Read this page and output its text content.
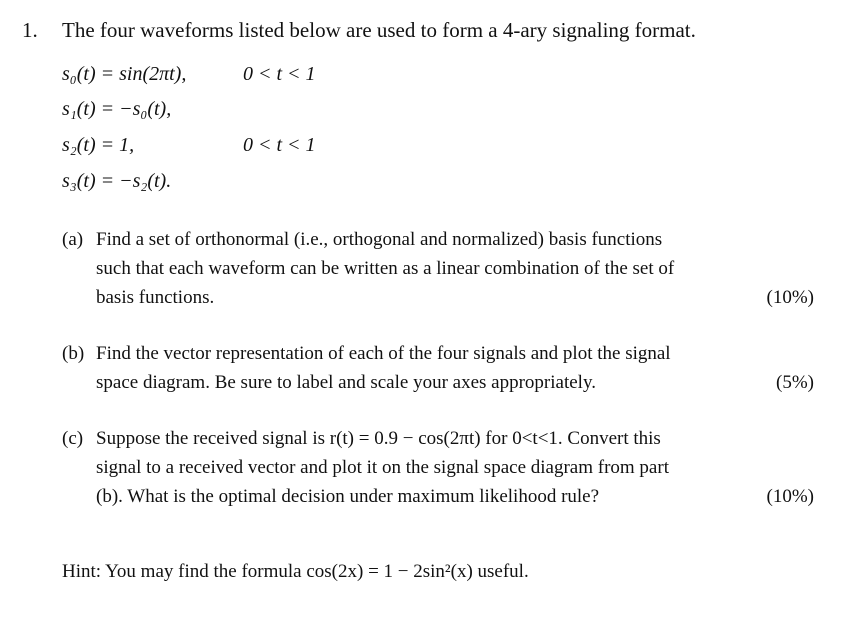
1. The four waveforms listed below are used to form a 4-ary signaling format.
s₀(t) = sin(2πt),	0 < t < 1
s₁(t) = −s₀(t),
s₂(t) = 1,	0 < t < 1
s₃(t) = −s₂(t).
(a) Find a set of orthonormal (i.e., orthogonal and normalized) basis functions
such that each waveform can be written as a linear combination of the set of
basis functions.	(10%)
(b) Find the vector representation of each of the four signals and plot the signal
space diagram. Be sure to label and scale your axes appropriately.	(5%)
(c) Suppose the received signal is r(t) = 0.9 − cos(2πt) for 0<t<1. Convert this
signal to a received vector and plot it on the signal space diagram from part
(b). What is the optimal decision under maximum likelihood rule?	(10%)
Hint: You may find the formula cos(2x) = 1 − 2sin²(x) useful.
